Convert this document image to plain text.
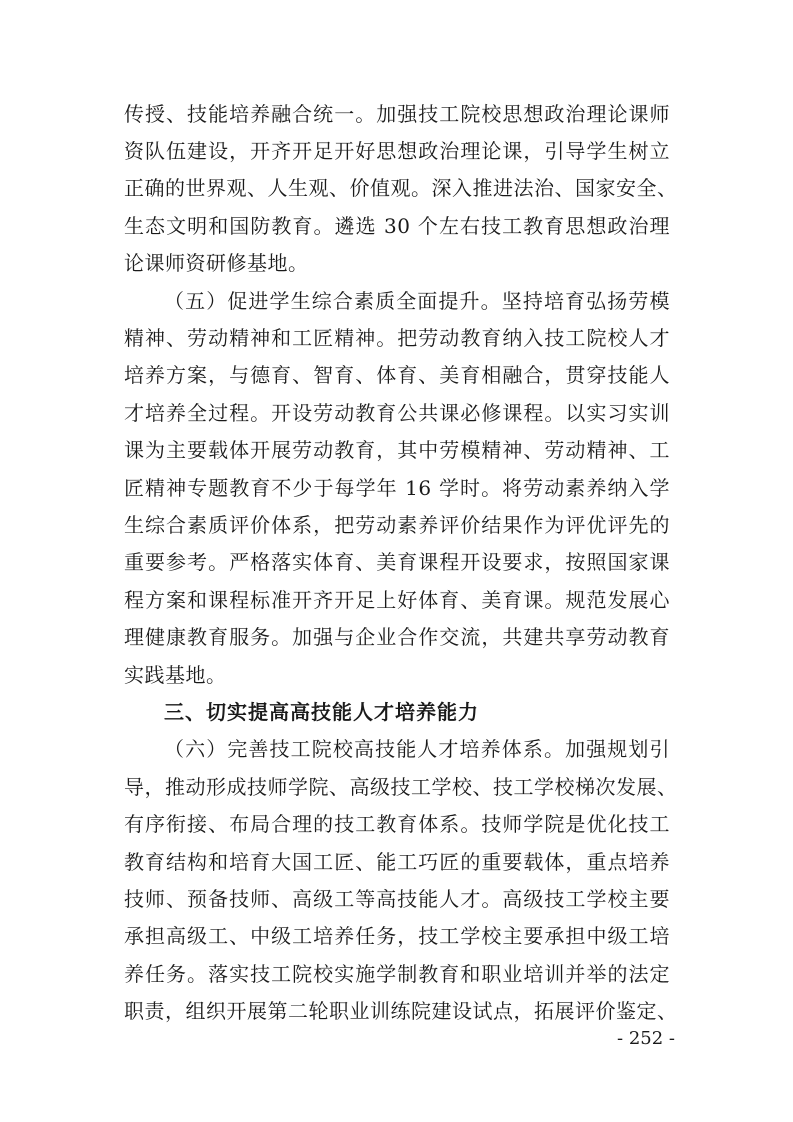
传授、技能培养融合统一。加强技工院校思想政治理论课师
资队伍建设，开齐开足开好思想政治理论课，引导学生树立
正确的世界观、人生观、价值观。深入推进法治、国家安全、
生态文明和国防教育。遴选 30 个左右技工教育思想政治理
论课师资研修基地。
（五）促进学生综合素质全面提升。坚持培育弘扬劳模
精神、劳动精神和工匠精神。把劳动教育纳入技工院校人才
培养方案，与德育、智育、体育、美育相融合，贯穿技能人
才培养全过程。开设劳动教育公共课必修课程。以实习实训
课为主要载体开展劳动教育，其中劳模精神、劳动精神、工
匠精神专题教育不少于每学年 16 学时。将劳动素养纳入学
生综合素质评价体系，把劳动素养评价结果作为评优评先的
重要参考。严格落实体育、美育课程开设要求，按照国家课
程方案和课程标准开齐开足上好体育、美育课。规范发展心
理健康教育服务。加强与企业合作交流，共建共享劳动教育
实践基地。
三、切实提高高技能人才培养能力
（六）完善技工院校高技能人才培养体系。加强规划引
导，推动形成技师学院、高级技工学校、技工学校梯次发展、
有序衔接、布局合理的技工教育体系。技师学院是优化技工
教育结构和培育大国工匠、能工巧匠的重要载体，重点培养
技师、预备技师、高级工等高技能人才。高级技工学校主要
承担高级工、中级工培养任务，技工学校主要承担中级工培
养任务。落实技工院校实施学制教育和职业培训并举的法定
职责，组织开展第二轮职业训练院建设试点，拓展评价鉴定、
- 252 -
